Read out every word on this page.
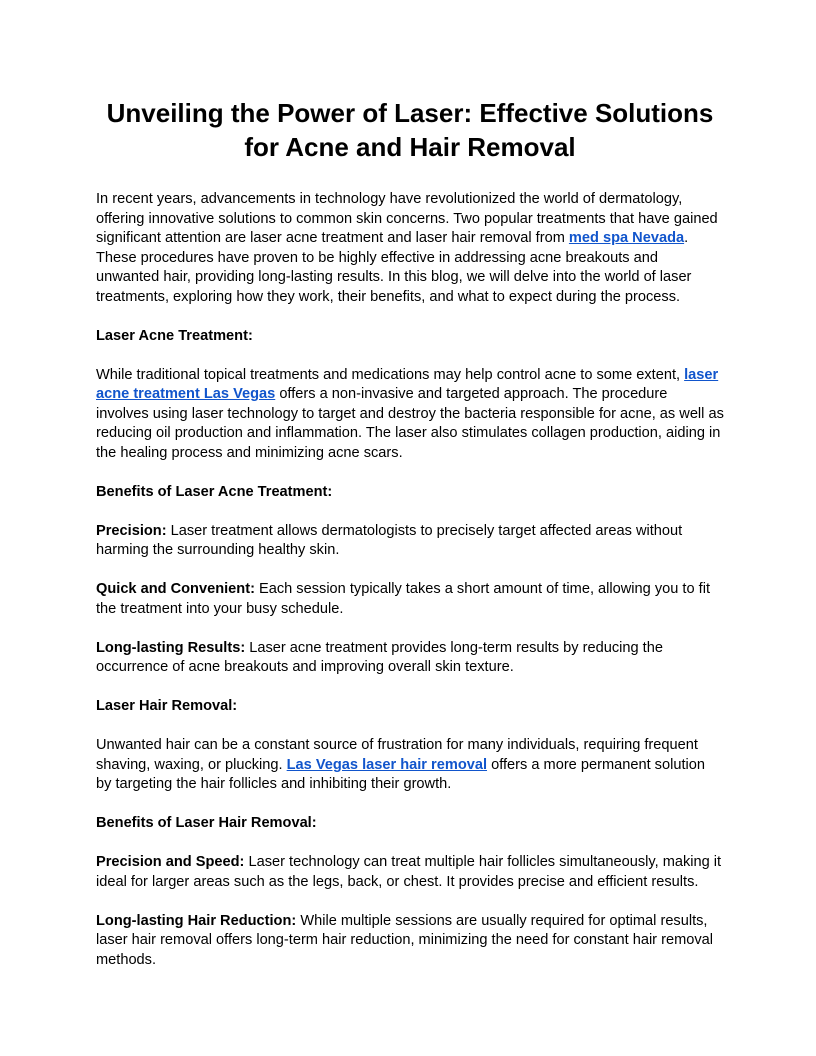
Unveiling the Power of Laser: Effective Solutions
for Acne and Hair Removal

In recent years, advancements in technology have revolutionized the world of dermatology, offering innovative solutions to common skin concerns. Two popular treatments that have gained significant attention are laser acne treatment and laser hair removal from med spa Nevada. These procedures have proven to be highly effective in addressing acne breakouts and unwanted hair, providing long-lasting results. In this blog, we will delve into the world of laser treatments, exploring how they work, their benefits, and what to expect during the process.

Laser Acne Treatment:

While traditional topical treatments and medications may help control acne to some extent, laser acne treatment Las Vegas offers a non-invasive and targeted approach. The procedure involves using laser technology to target and destroy the bacteria responsible for acne, as well as reducing oil production and inflammation. The laser also stimulates collagen production, aiding in the healing process and minimizing acne scars.

Benefits of Laser Acne Treatment:

Precision: Laser treatment allows dermatologists to precisely target affected areas without harming the surrounding healthy skin.

Quick and Convenient: Each session typically takes a short amount of time, allowing you to fit the treatment into your busy schedule.

Long-lasting Results: Laser acne treatment provides long-term results by reducing the occurrence of acne breakouts and improving overall skin texture.

Laser Hair Removal:

Unwanted hair can be a constant source of frustration for many individuals, requiring frequent shaving, waxing, or plucking. Las Vegas laser hair removal offers a more permanent solution by targeting the hair follicles and inhibiting their growth.

Benefits of Laser Hair Removal:

Precision and Speed: Laser technology can treat multiple hair follicles simultaneously, making it ideal for larger areas such as the legs, back, or chest. It provides precise and efficient results.

Long-lasting Hair Reduction: While multiple sessions are usually required for optimal results, laser hair removal offers long-term hair reduction, minimizing the need for constant hair removal methods.
